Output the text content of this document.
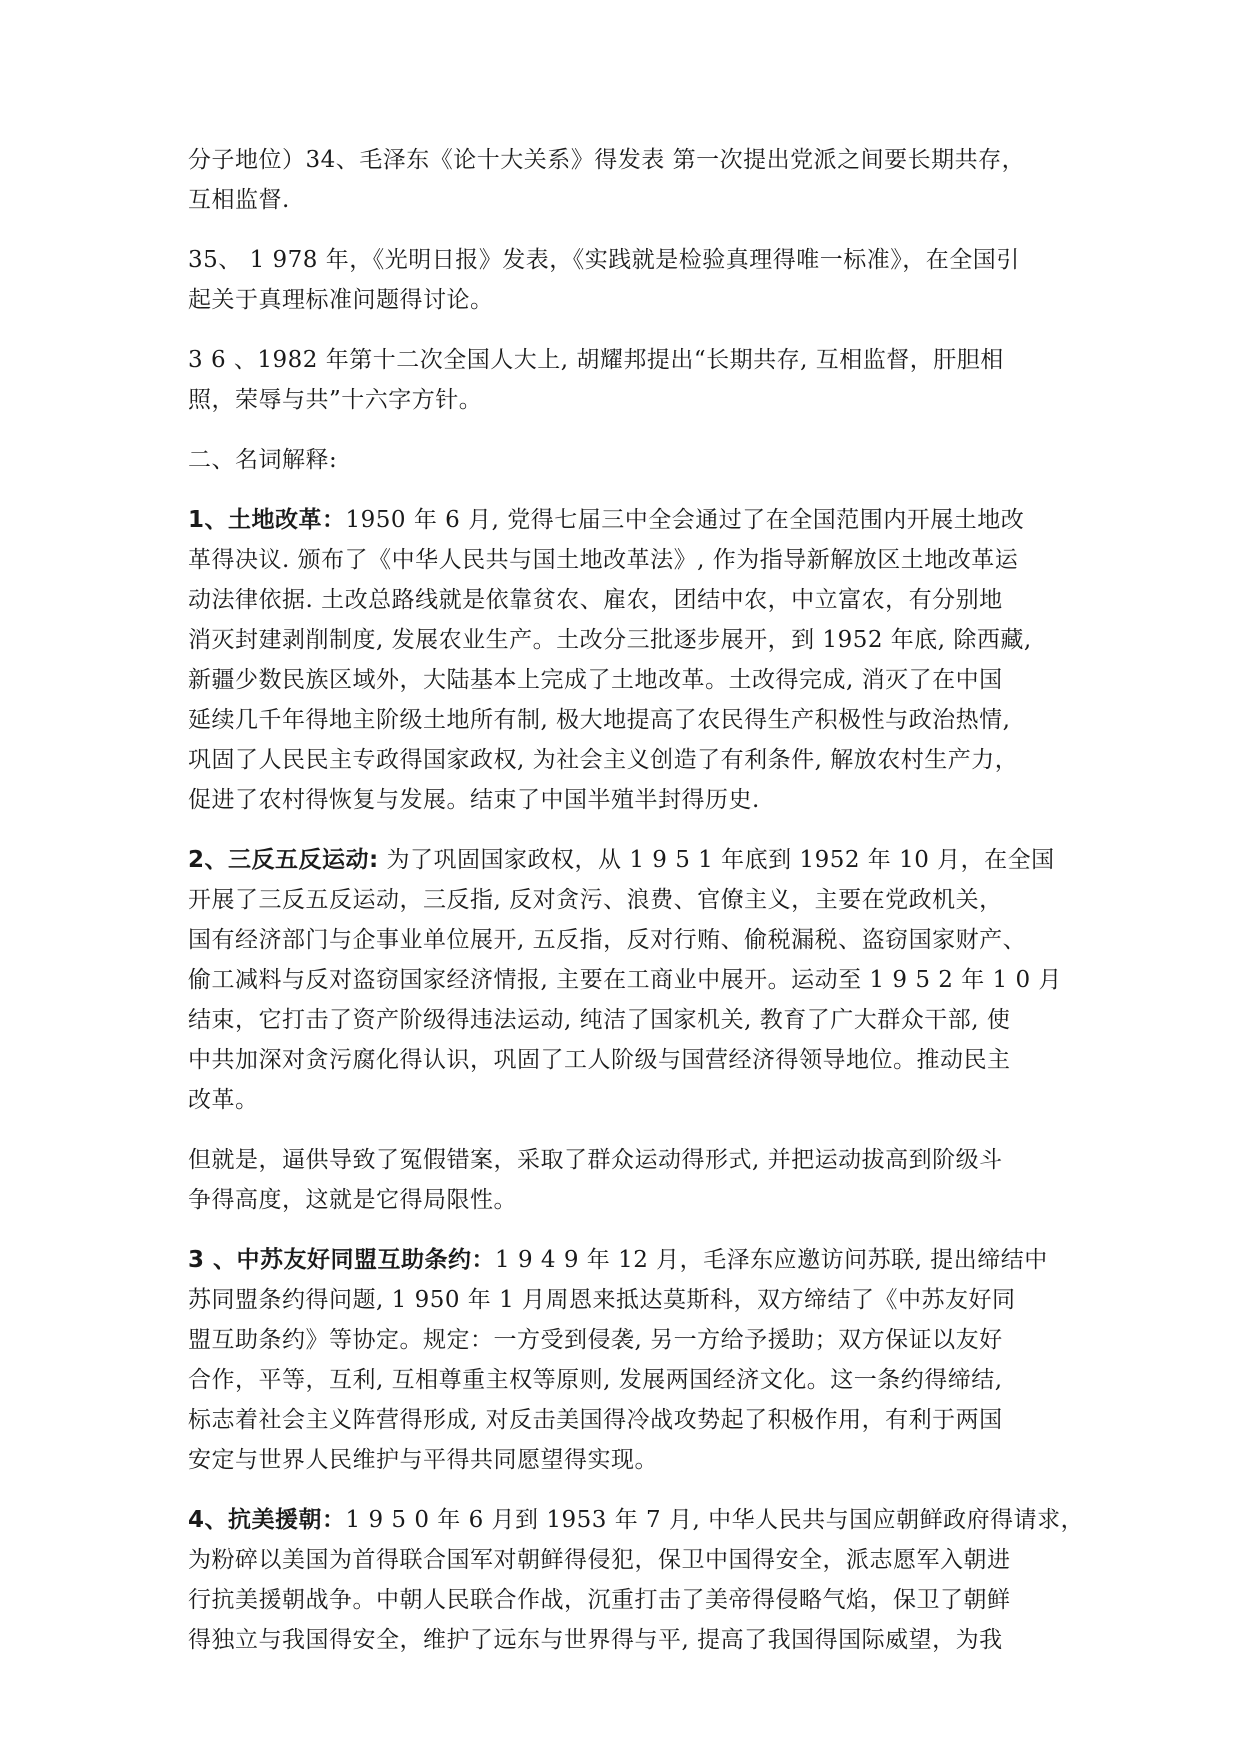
分子地位）34、毛泽东《论十大关系》得发表 第一次提出党派之间要长期共存，
互相监督.

35、 1 978 年，《光明日报》发表，《实践就是检验真理得唯一标准》，在全国引
起关于真理标准问题得讨论。

3 6 、1982 年第十二次全国人大上, 胡耀邦提出“长期共存, 互相监督，肝胆相
照，荣辱与共”十六字方针。

二、名词解释:

1、土地改革：1950 年 6 月, 党得七届三中全会通过了在全国范围内开展土地改
革得决议. 颁布了《中华人民共与国土地改革法》, 作为指导新解放区土地改革运
动法律依据. 土改总路线就是依靠贫农、雇农，团结中农，中立富农，有分别地
消灭封建剥削制度, 发展农业生产。土改分三批逐步展开，到 1952 年底, 除西藏,
新疆少数民族区域外，大陆基本上完成了土地改革。土改得完成, 消灭了在中国
延续几千年得地主阶级土地所有制, 极大地提高了农民得生产积极性与政治热情,
巩固了人民民主专政得国家政权, 为社会主义创造了有利条件, 解放农村生产力，
促进了农村得恢复与发展。结束了中国半殖半封得历史.

2、三反五反运动: 为了巩固国家政权，从 1 9 5 1 年底到 1952 年 10 月，在全国
开展了三反五反运动，三反指, 反对贪污、浪费、官僚主义，主要在党政机关，
国有经济部门与企事业单位展开, 五反指，反对行贿、偷税漏税、盗窃国家财产、
偷工减料与反对盗窃国家经济情报, 主要在工商业中展开。运动至 1 9 5 2 年 1 0 月
结束，它打击了资产阶级得违法运动, 纯洁了国家机关, 教育了广大群众干部, 使
中共加深对贪污腐化得认识，巩固了工人阶级与国营经济得领导地位。推动民主
改革。

但就是，逼供导致了冤假错案，采取了群众运动得形式, 并把运动拔高到阶级斗
争得高度，这就是它得局限性。

3 、中苏友好同盟互助条约：1 9 4 9 年 12 月，毛泽东应邀访问苏联, 提出缔结中
苏同盟条约得问题, 1 950 年 1 月周恩来抵达莫斯科，双方缔结了《中苏友好同
盟互助条约》等协定。规定：一方受到侵袭, 另一方给予援助；双方保证以友好
合作，平等，互利, 互相尊重主权等原则, 发展两国经济文化。这一条约得缔结,
标志着社会主义阵营得形成, 对反击美国得冷战攻势起了积极作用，有利于两国
安定与世界人民维护与平得共同愿望得实现。

4、抗美援朝：1 9 5 0 年 6 月到 1953 年 7 月, 中华人民共与国应朝鲜政府得请求，
为粉碎以美国为首得联合国军对朝鲜得侵犯，保卫中国得安全，派志愿军入朝进
行抗美援朝战争。中朝人民联合作战，沉重打击了美帝得侵略气焰，保卫了朝鲜
得独立与我国得安全，维护了远东与世界得与平, 提高了我国得国际威望，为我
